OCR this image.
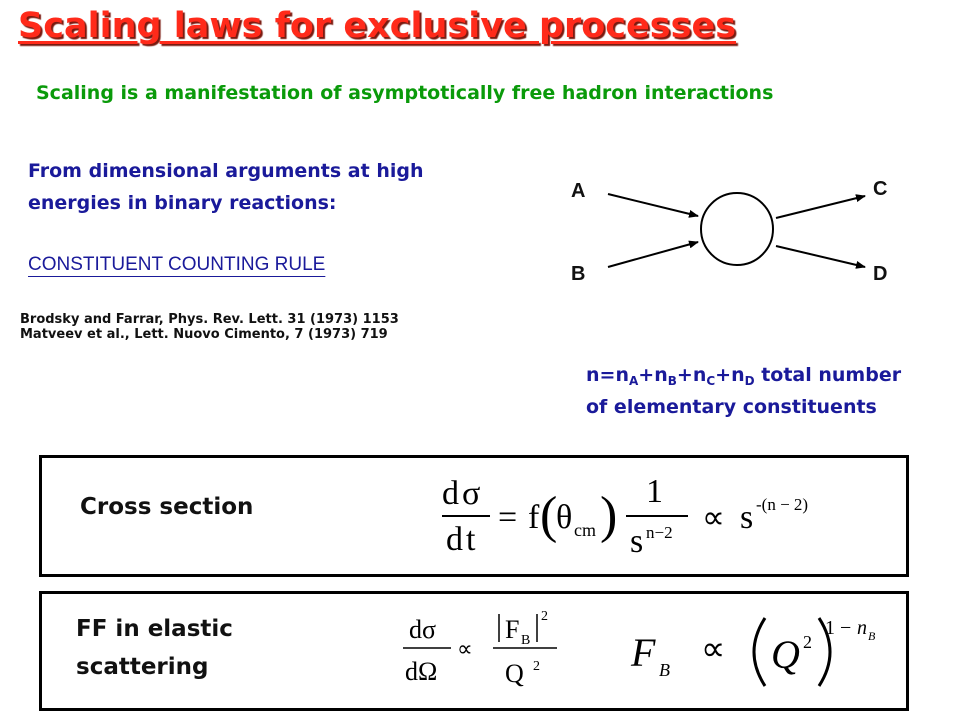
Scaling laws for exclusive processes
Scaling is a manifestation of asymptotically free hadron interactions
From dimensional arguments at high
energies in binary reactions:
CONSTITUENT COUNTING RULE
Brodsky and Farrar, Phys. Rev. Lett. 31 (1973) 1153
Matveev et al., Lett. Nuovo Cimento, 7 (1973) 719
A
B
C
D
$n=n_A+n_B+n_C+n_D$ total number
of elementary constituents
Cross section	d σ
d t
= f (
θ cm ) 1
s n−2 ∝ s -(n − 2)
FF in elastic
scattering
dσ
dΩ
∝
F B
2
Q 2 F B
∝ Q 2
1 − n B
